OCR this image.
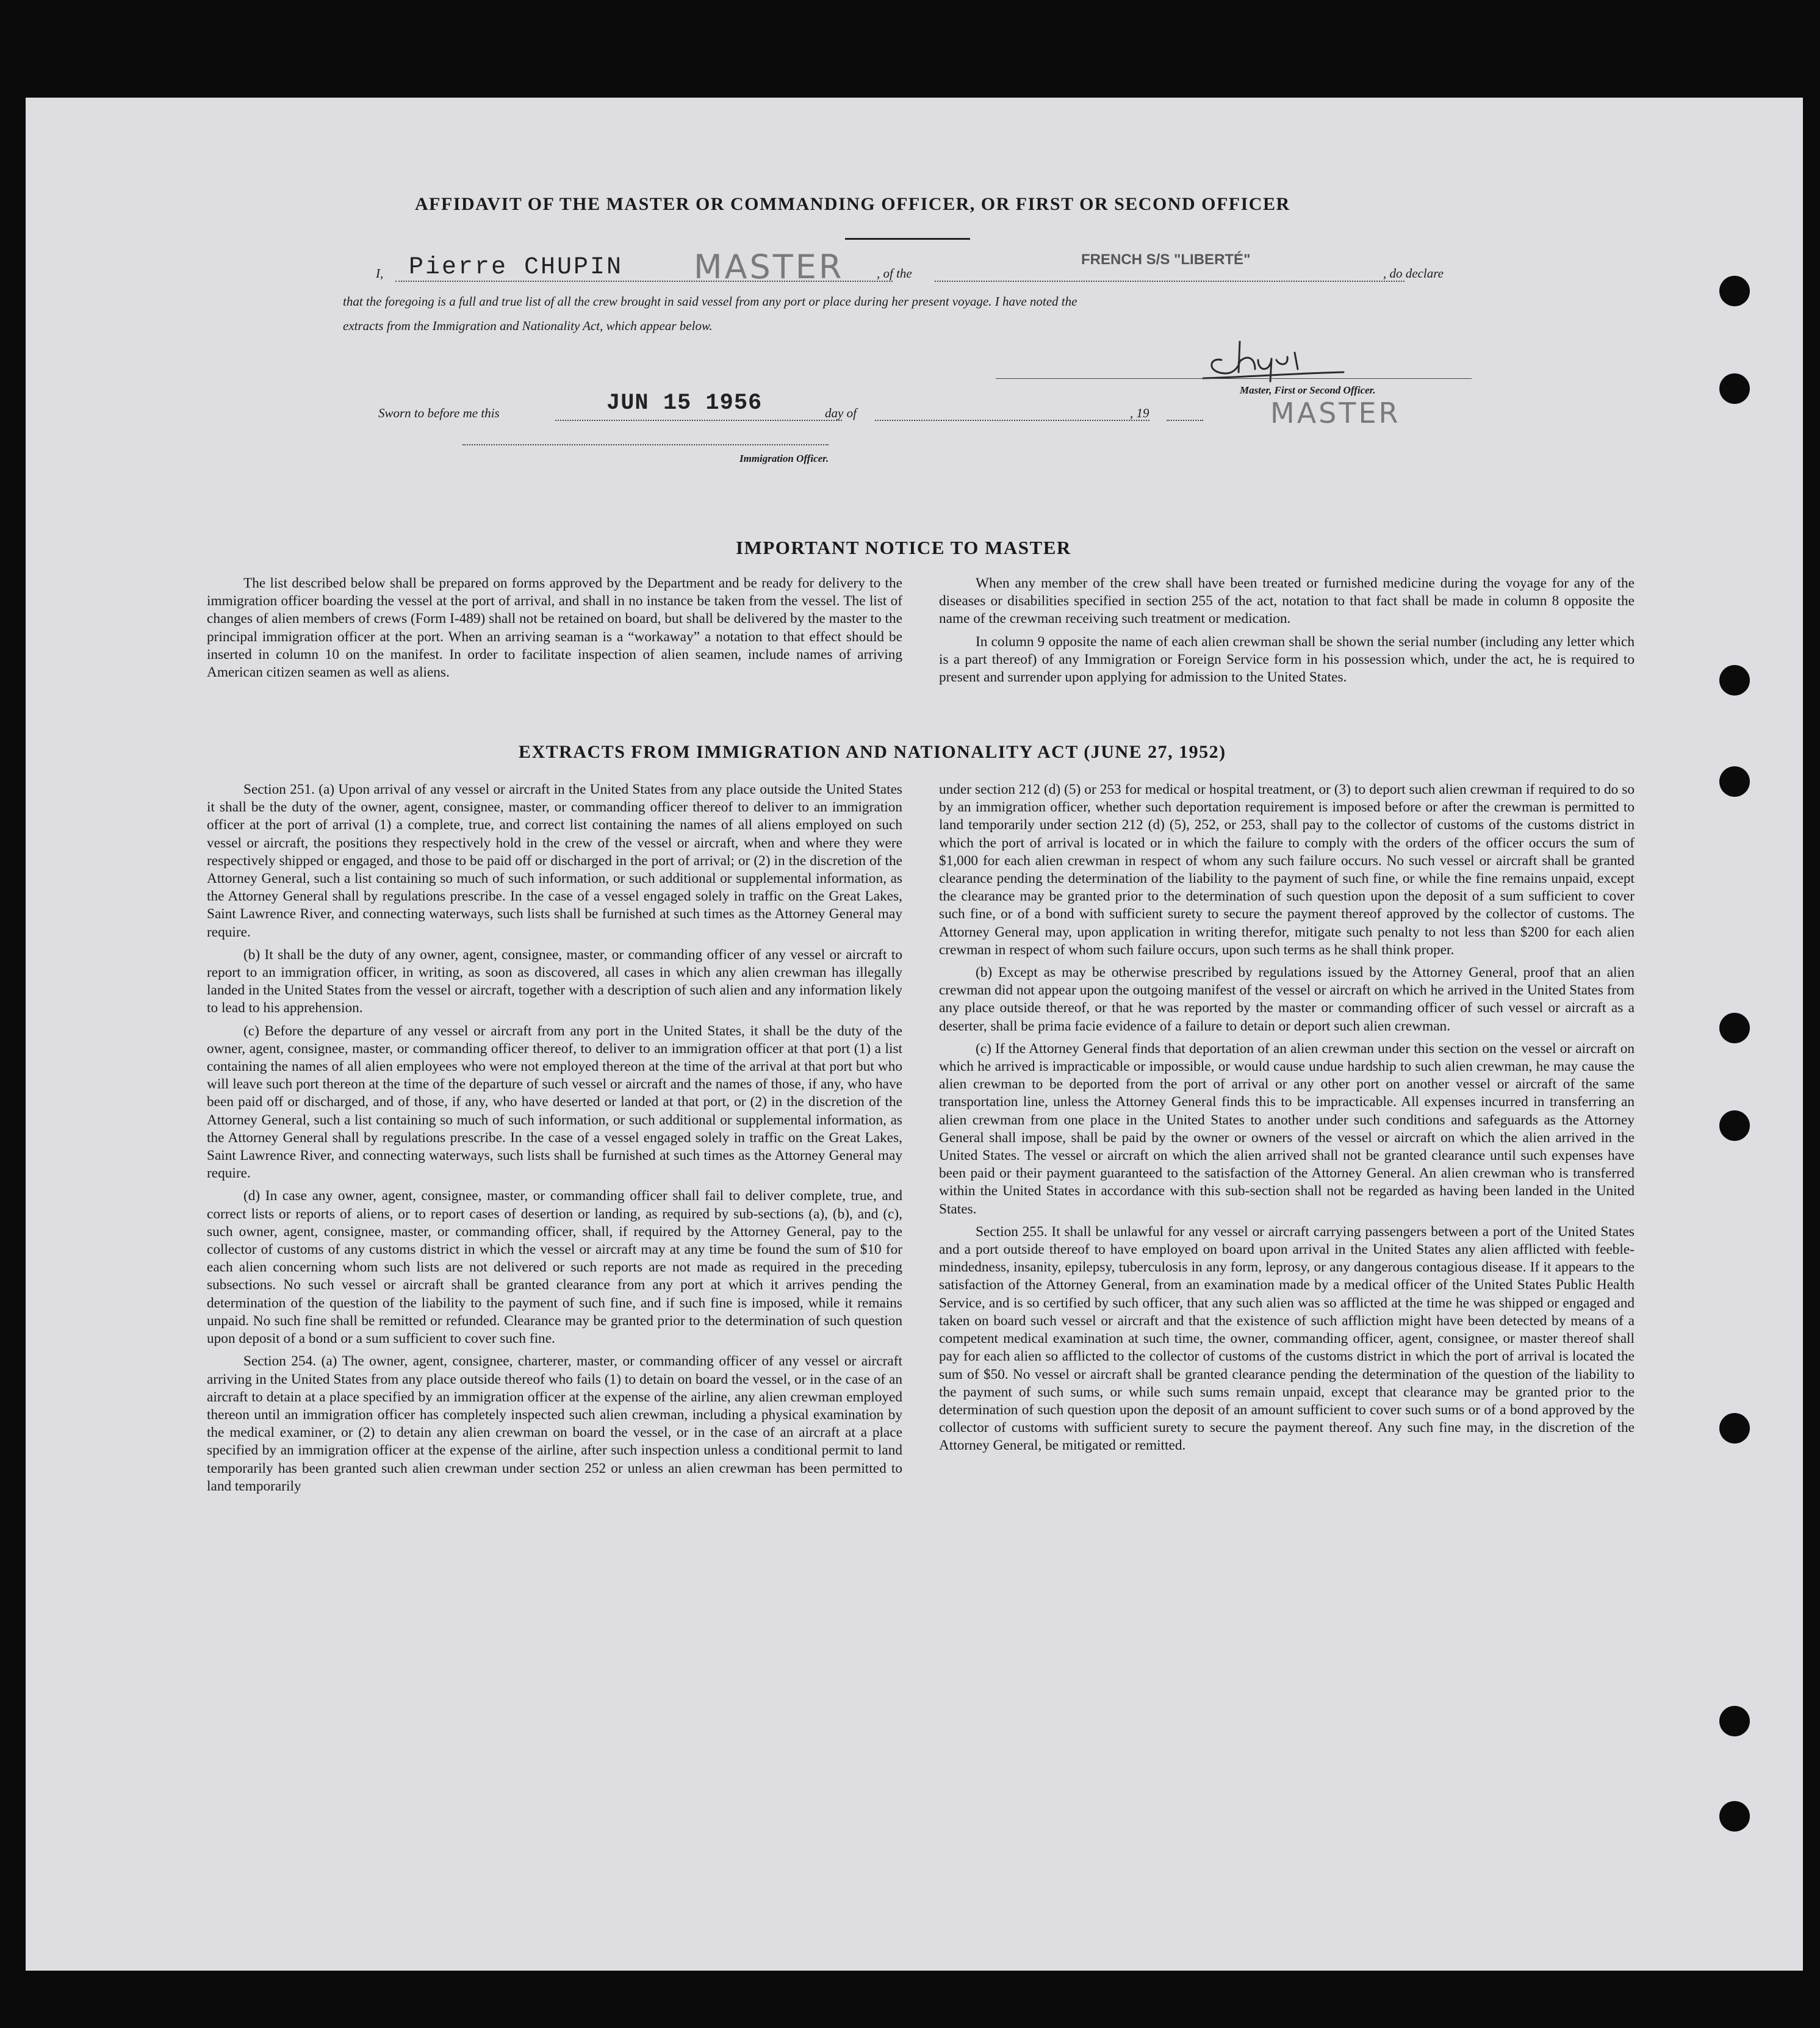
AFFIDAVIT OF THE MASTER OR COMMANDING OFFICER, OR FIRST OR SECOND OFFICER
I, Pierre CHUPIN MASTER	, of the
FRENCH S/S "LIBERTÉ"
, do declare
that the foregoing is a full and true list of all the crew brought in said vessel from any port or place during her present voyage. I have noted the
extracts from the Immigration and Nationality Act, which appear below.
Master, First or Second Officer.
MASTER
Sworn to before me this	JUN 15 1956	day of	, 19
Immigration Officer.
IMPORTANT NOTICE TO MASTER

The list described below shall be prepared on forms approved by the Department and be ready for delivery to the immigration officer boarding the vessel at the port of arrival, and shall in no instance be taken from the vessel. The list of changes of alien members of crews (Form I-489) shall not be retained on board, but shall be delivered by the master to the principal immigration officer at the port. When an arriving seaman is a “workaway” a notation to that effect should be inserted in column 10 on the manifest. In order to facilitate inspection of alien seamen, include names of arriving American citizen seamen as well as aliens.

When any member of the crew shall have been treated or furnished medicine during the voyage for any of the diseases or disabilities specified in section 255 of the act, notation to that fact shall be made in column 8 opposite the name of the crewman receiving such treatment or medication.

In column 9 opposite the name of each alien crewman shall be shown the serial number (including any letter which is a part thereof) of any Immigration or Foreign Service form in his possession which, under the act, he is required to present and surrender upon applying for admission to the United States.

EXTRACTS FROM IMMIGRATION AND NATIONALITY ACT (JUNE 27, 1952)

Section 251. (a) Upon arrival of any vessel or aircraft in the United States from any place outside the United States it shall be the duty of the owner, agent, consignee, master, or commanding officer thereof to deliver to an immigration officer at the port of arrival (1) a complete, true, and correct list containing the names of all aliens employed on such vessel or aircraft, the positions they respectively hold in the crew of the vessel or aircraft, when and where they were respectively shipped or engaged, and those to be paid off or discharged in the port of arrival; or (2) in the discretion of the Attorney General, such a list containing so much of such information, or such additional or supplemental information, as the Attorney General shall by regulations prescribe. In the case of a vessel engaged solely in traffic on the Great Lakes, Saint Lawrence River, and connecting waterways, such lists shall be furnished at such times as the Attorney General may require.

(b) It shall be the duty of any owner, agent, consignee, master, or commanding officer of any vessel or aircraft to report to an immigration officer, in writing, as soon as discovered, all cases in which any alien crewman has illegally landed in the United States from the vessel or aircraft, together with a description of such alien and any information likely to lead to his apprehension.

(c) Before the departure of any vessel or aircraft from any port in the United States, it shall be the duty of the owner, agent, consignee, master, or commanding officer thereof, to deliver to an immigration officer at that port (1) a list containing the names of all alien employees who were not employed thereon at the time of the arrival at that port but who will leave such port thereon at the time of the departure of such vessel or aircraft and the names of those, if any, who have been paid off or discharged, and of those, if any, who have deserted or landed at that port, or (2) in the discretion of the Attorney General, such a list containing so much of such information, or such additional or supplemental information, as the Attorney General shall by regulations prescribe. In the case of a vessel engaged solely in traffic on the Great Lakes, Saint Lawrence River, and connecting waterways, such lists shall be furnished at such times as the Attorney General may require.

(d) In case any owner, agent, consignee, master, or commanding officer shall fail to deliver complete, true, and correct lists or reports of aliens, or to report cases of desertion or landing, as required by sub-sections (a), (b), and (c), such owner, agent, consignee, master, or commanding officer, shall, if required by the Attorney General, pay to the collector of customs of any customs district in which the vessel or aircraft may at any time be found the sum of $10 for each alien concerning whom such lists are not delivered or such reports are not made as required in the preceding subsections. No such vessel or aircraft shall be granted clearance from any port at which it arrives pending the determination of the question of the liability to the payment of such fine, and if such fine is imposed, while it remains unpaid. No such fine shall be remitted or refunded. Clearance may be granted prior to the determination of such question upon deposit of a bond or a sum sufficient to cover such fine.

Section 254. (a) The owner, agent, consignee, charterer, master, or commanding officer of any vessel or aircraft arriving in the United States from any place outside thereof who fails (1) to detain on board the vessel, or in the case of an aircraft to detain at a place specified by an immigration officer at the expense of the airline, any alien crewman employed thereon until an immigration officer has completely inspected such alien crewman, including a physical examination by the medical examiner, or (2) to detain any alien crewman on board the vessel, or in the case of an aircraft at a place specified by an immigration officer at the expense of the airline, after such inspection unless a conditional permit to land temporarily has been granted such alien crewman under section 252 or unless an alien crewman has been permitted to land temporarily

under section 212 (d) (5) or 253 for medical or hospital treatment, or (3) to deport such alien crewman if required to do so by an immigration officer, whether such deportation requirement is imposed before or after the crewman is permitted to land temporarily under section 212 (d) (5), 252, or 253, shall pay to the collector of customs of the customs district in which the port of arrival is located or in which the failure to comply with the orders of the officer occurs the sum of $1,000 for each alien crewman in respect of whom any such failure occurs. No such vessel or aircraft shall be granted clearance pending the determination of the liability to the payment of such fine, or while the fine remains unpaid, except the clearance may be granted prior to the determination of such question upon the deposit of a sum sufficient to cover such fine, or of a bond with sufficient surety to secure the payment thereof approved by the collector of customs. The Attorney General may, upon application in writing therefor, mitigate such penalty to not less than $200 for each alien crewman in respect of whom such failure occurs, upon such terms as he shall think proper.

(b) Except as may be otherwise prescribed by regulations issued by the Attorney General, proof that an alien crewman did not appear upon the outgoing manifest of the vessel or aircraft on which he arrived in the United States from any place outside thereof, or that he was reported by the master or commanding officer of such vessel or aircraft as a deserter, shall be prima facie evidence of a failure to detain or deport such alien crewman.

(c) If the Attorney General finds that deportation of an alien crewman under this section on the vessel or aircraft on which he arrived is impracticable or impossible, or would cause undue hardship to such alien crewman, he may cause the alien crewman to be deported from the port of arrival or any other port on another vessel or aircraft of the same transportation line, unless the Attorney General finds this to be impracticable. All expenses incurred in transferring an alien crewman from one place in the United States to another under such conditions and safeguards as the Attorney General shall impose, shall be paid by the owner or owners of the vessel or aircraft on which the alien arrived in the United States. The vessel or aircraft on which the alien arrived shall not be granted clearance until such expenses have been paid or their payment guaranteed to the satisfaction of the Attorney General. An alien crewman who is transferred within the United States in accordance with this sub-section shall not be regarded as having been landed in the United States.

Section 255. It shall be unlawful for any vessel or aircraft carrying passengers between a port of the United States and a port outside thereof to have employed on board upon arrival in the United States any alien afflicted with feeble-mindedness, insanity, epilepsy, tuberculosis in any form, leprosy, or any dangerous contagious disease. If it appears to the satisfaction of the Attorney General, from an examination made by a medical officer of the United States Public Health Service, and is so certified by such officer, that any such alien was so afflicted at the time he was shipped or engaged and taken on board such vessel or aircraft and that the existence of such affliction might have been detected by means of a competent medical examination at such time, the owner, commanding officer, agent, consignee, or master thereof shall pay for each alien so afflicted to the collector of customs of the customs district in which the port of arrival is located the sum of $50. No vessel or aircraft shall be granted clearance pending the determination of the question of the liability to the payment of such sums, or while such sums remain unpaid, except that clearance may be granted prior to the determination of such question upon the deposit of an amount sufficient to cover such sums or of a bond approved by the collector of customs with sufficient surety to secure the payment thereof. Any such fine may, in the discretion of the Attorney General, be mitigated or remitted.
